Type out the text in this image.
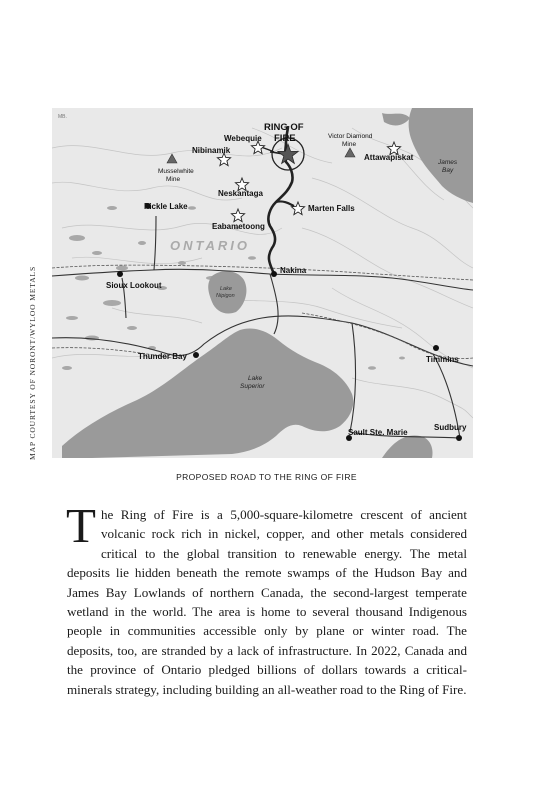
MB.
RING OF
FIRE
ONTARIO
Webequie
Nibinamik
Musselwhite
Mine
Victor Diamond
Mine
Attawapiskat
James
Bay
Neskantaga
Pickle Lake	Marten Falls
Eabametoong
Nakina
Sioux Lookout	Lake
Nipigon
Thunder Bay	Timmins
Lake
Superior
Sault Ste. Marie
Sudbury
MAP COURTESY OF NORONT/WYLOO METALS
PROPOSED ROAD TO THE RING OF FIRE
The Ring of Fire is a 5,000-square-kilometre crescent of ancient volcanic rock rich in nickel, copper, and other metals considered critical to the global transition to renewable energy. The metal deposits lie hidden beneath the remote swamps of the Hudson Bay and James Bay Lowlands of northern Canada, the second-largest temperate wetland in the world. The area is home to several thousand Indigenous people in communities accessible only by plane or winter road. The deposits, too, are stranded by a lack of infrastructure. In 2022, Canada and the province of Ontario pledged billions of dollars towards a critical-minerals strategy, including building an all-weather road to the Ring of Fire.
